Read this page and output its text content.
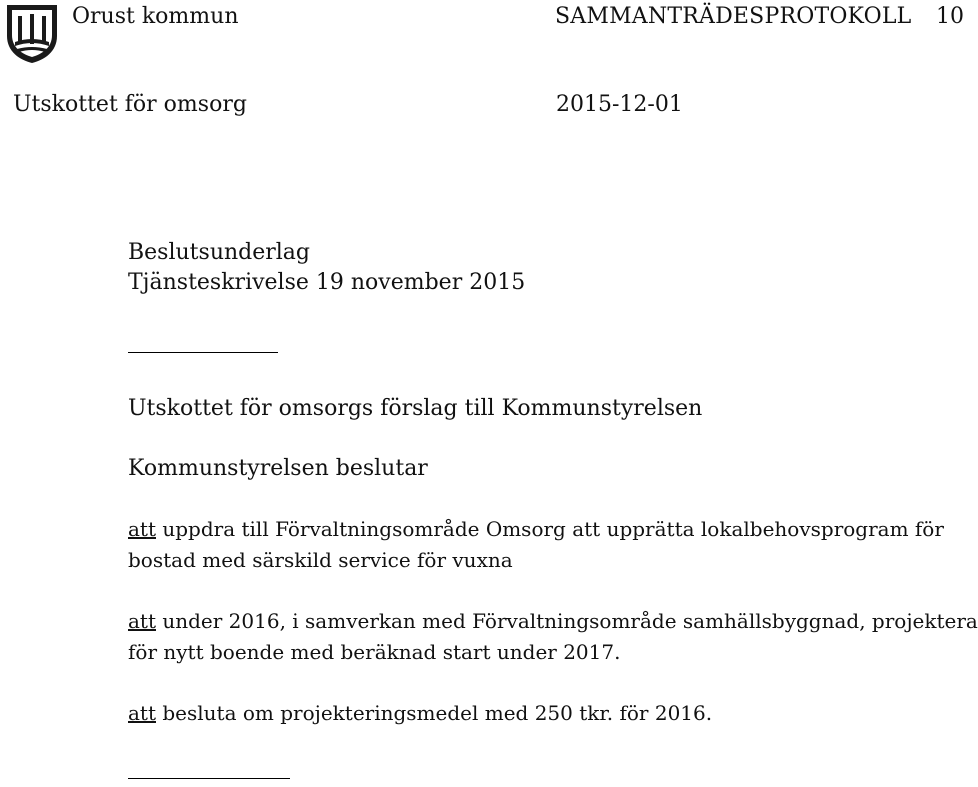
Orust kommun	SAMMANTRÄDESPROTOKOLL 10
Utskottet för omsorg	2015-12-01
Beslutsunderlag
Tjänsteskrivelse 19 november 2015
Utskottet för omsorgs förslag till Kommunstyrelsen
Kommunstyrelsen beslutar
att uppdra till Förvaltningsområde Omsorg att upprätta lokalbehovsprogram för
bostad med särskild service för vuxna
att under 2016, i samverkan med Förvaltningsområde samhällsbyggnad, projektera
för nytt boende med beräknad start under 2017.
att besluta om projekteringsmedel med 250 tkr. för 2016.
